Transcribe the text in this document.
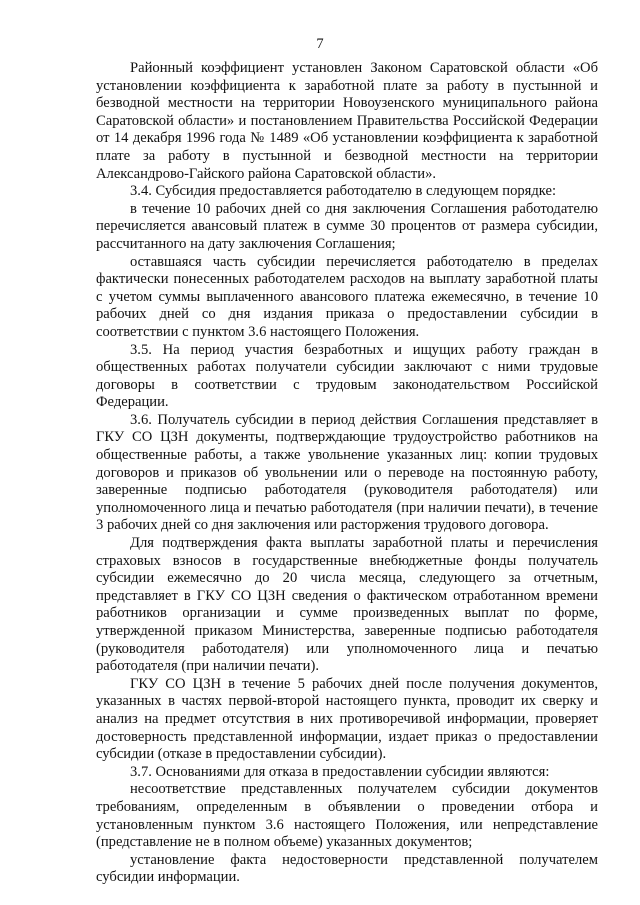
7

Районный коэффициент установлен Законом Саратовской области «Об установлении коэффициента к заработной плате за работу в пустынной и безводной местности на территории Новоузенского муниципального района Саратовской области» и постановлением Правительства Российской Федерации от 14 декабря 1996 года № 1489 «Об установлении коэффициента к заработной плате за работу в пустынной и безводной местности на территории Александрово-Гайского района Саратовской области».

3.4. Субсидия предоставляется работодателю в следующем порядке:

в течение 10 рабочих дней со дня заключения Соглашения работодателю перечисляется авансовый платеж в сумме 30 процентов от размера субсидии, рассчитанного на дату заключения Соглашения;

оставшаяся часть субсидии перечисляется работодателю в пределах фактически понесенных работодателем расходов на выплату заработной платы с учетом суммы выплаченного авансового платежа ежемесячно, в течение 10 рабочих дней со дня издания приказа о предоставлении субсидии в соответствии с пунктом 3.6 настоящего Положения.

3.5. На период участия безработных и ищущих работу граждан в общественных работах получатели субсидии заключают с ними трудовые договоры в соответствии с трудовым законодательством Российской Федерации.

3.6. Получатель субсидии в период действия Соглашения представляет в ГКУ СО ЦЗН документы, подтверждающие трудоустройство работников на общественные работы, а также увольнение указанных лиц: копии трудовых договоров и приказов об увольнении или о переводе на постоянную работу, заверенные подписью работодателя (руководителя работодателя) или уполномоченного лица и печатью работодателя (при наличии печати), в течение 3 рабочих дней со дня заключения или расторжения трудового договора.

Для подтверждения факта выплаты заработной платы и перечисления страховых взносов в государственные внебюджетные фонды получатель субсидии ежемесячно до 20 числа месяца, следующего за отчетным, представляет в ГКУ СО ЦЗН сведения о фактическом отработанном времени работников организации и сумме произведенных выплат по форме, утвержденной приказом Министерства, заверенные подписью работодателя (руководителя работодателя) или уполномоченного лица и печатью работодателя (при наличии печати).

ГКУ СО ЦЗН в течение 5 рабочих дней после получения документов, указанных в частях первой-второй настоящего пункта, проводит их сверку и анализ на предмет отсутствия в них противоречивой информации, проверяет достоверность представленной информации, издает приказ о предоставлении субсидии (отказе в предоставлении субсидии).

3.7. Основаниями для отказа в предоставлении субсидии являются:

несоответствие представленных получателем субсидии документов требованиям, определенным в объявлении о проведении отбора и установленным пунктом 3.6 настоящего Положения, или непредставление (представление не в полном объеме) указанных документов;

установление факта недостоверности представленной получателем субсидии информации.
